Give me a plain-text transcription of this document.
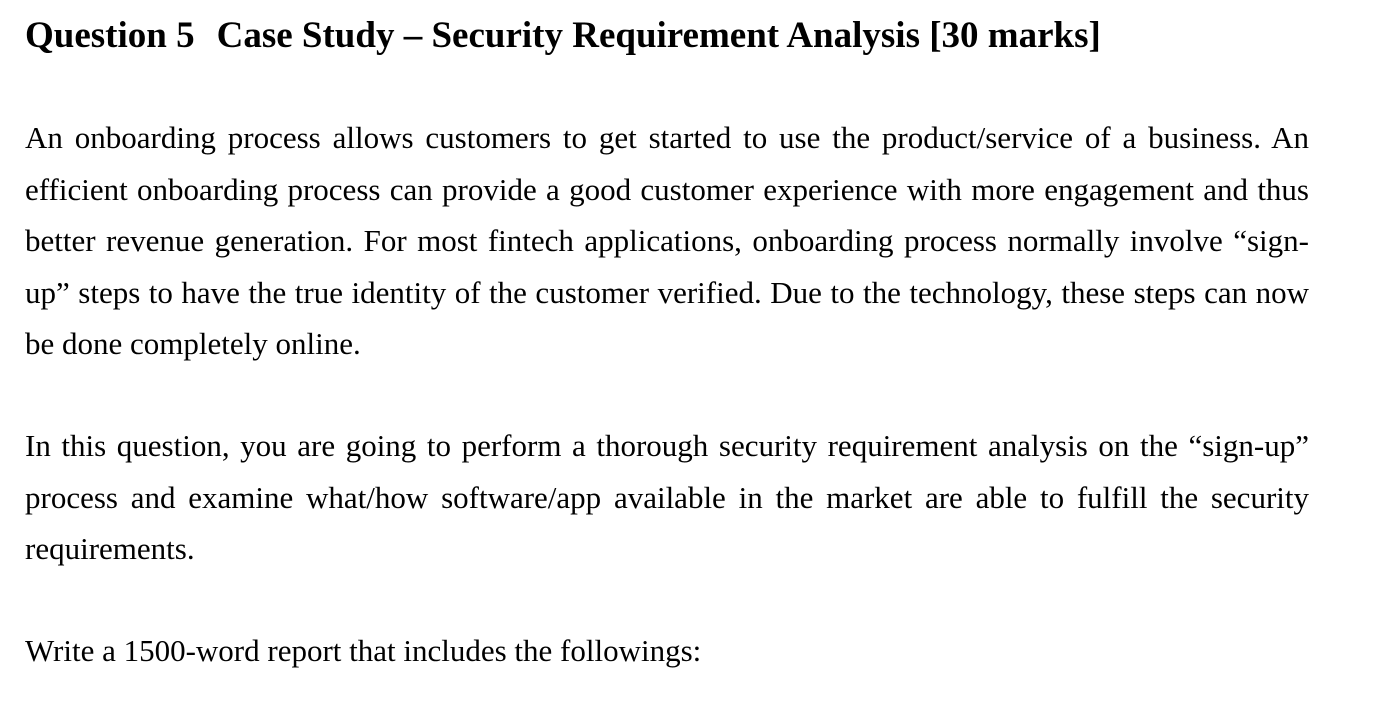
Question 5 Case Study – Security Requirement Analysis [30 marks]

An onboarding process allows customers to get started to use the product/service of a business. An efficient onboarding process can provide a good customer experience with more engagement and thus better revenue generation. For most fintech applications, onboarding process normally involve “sign-up” steps to have the true identity of the customer verified. Due to the technology, these steps can now be done completely online.

In this question, you are going to perform a thorough security requirement analysis on the “sign-up” process and examine what/how software/app available in the market are able to fulfill the security requirements.

Write a 1500-word report that includes the followings:
